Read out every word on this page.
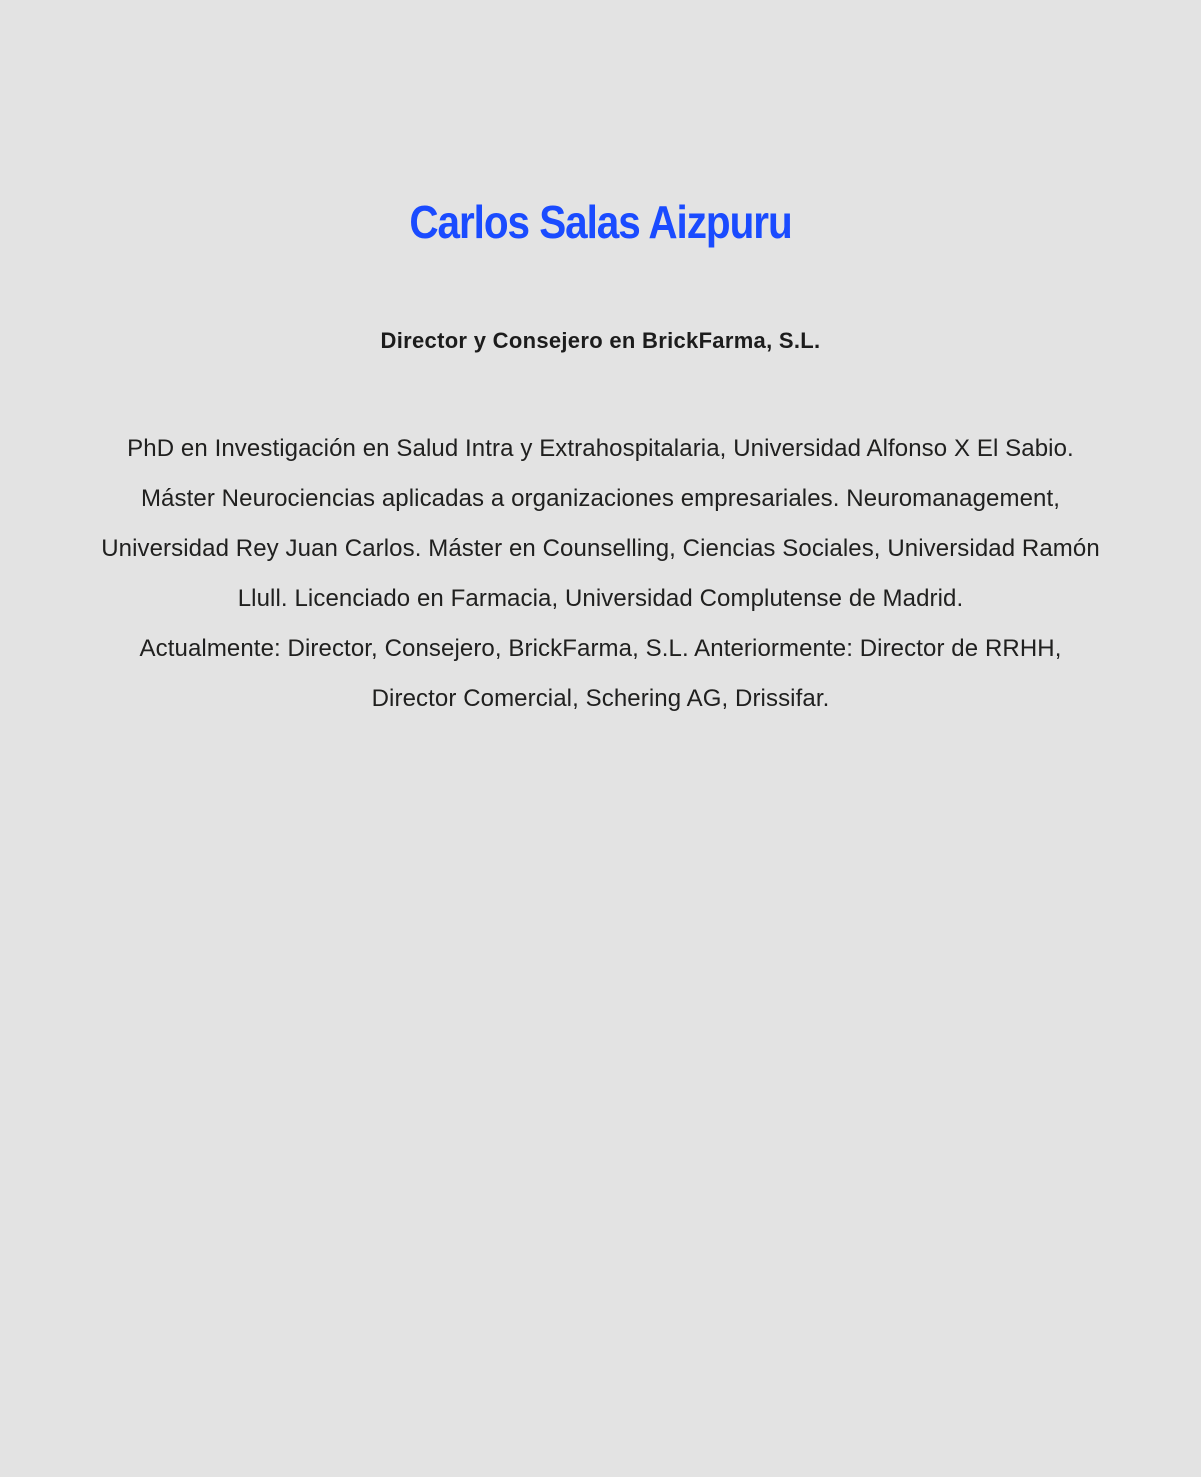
Carlos Salas Aizpuru
Director y Consejero en BrickFarma, S.L.

PhD en Investigación en Salud Intra y Extrahospitalaria, Universidad Alfonso X El Sabio. Máster Neurociencias aplicadas a organizaciones empresariales. Neuromanagement, Universidad Rey Juan Carlos. Máster en Counselling, Ciencias Sociales, Universidad Ramón Llull. Licenciado en Farmacia, Universidad Complutense de Madrid.

Actualmente: Director, Consejero, BrickFarma, S.L. Anteriormente: Director de RRHH, Director Comercial, Schering AG, Drissifar.
